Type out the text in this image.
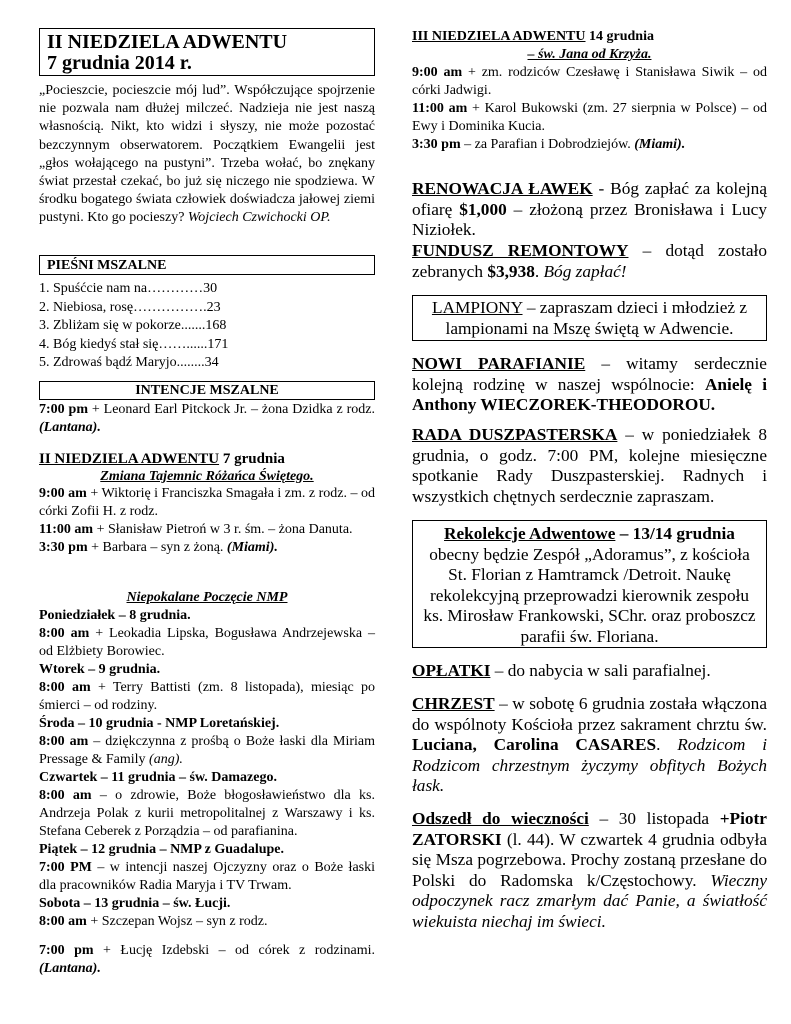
II NIEDZIELA ADWENTU
7 grudnia 2014 r.

„Pocieszcie, pocieszcie mój lud”. Współczujące spojrzenie nie pozwala nam dłużej milczeć. Nadzieja nie jest naszą własnością. Nikt, kto widzi i słyszy, nie może pozostać bezczynnym obserwatorem. Początkiem Ewangelii jest „głos wołającego na pustyni”. Trzeba wołać, bo znękany świat przestał czekać, bo już się niczego nie spodziewa. W środku bogatego świata człowiek doświadcza jałowej ziemi pustyni. Kto go pocieszy? Wojciech Czwichocki OP.

PIEŚNI MSZALNE
1. Spuśćcie nam na…………30
2. Niebiosa, rosę…………….23
3. Zbliżam się w pokorze.......168
4. Bóg kiedyś stał się……......171
5. Zdrowaś bądź Maryjo........34
INTENCJE MSZALNE

7:00 pm + Leonard Earl Pitckock Jr. – żona Dzidka z rodz. (Lantana).

II NIEDZIELA ADWENTU 7 grudnia
Zmiana Tajemnic Różańca Świętego.

9:00 am + Wiktorię i Franciszka Smagała i zm. z rodz. – od córki Zofii H. z rodz.

11:00 am + Słanisław Pietroń w 3 r. śm. – żona Danuta.

3:30 pm + Barbara – syn z żoną. (Miami).

Niepokalane Poczęcie NMP
Poniedziałek – 8 grudnia.

8:00 am + Leokadia Lipska, Bogusława Andrzejewska – od Elżbiety Borowiec.

Wtorek – 9 grudnia.

8:00 am + Terry Battisti (zm. 8 listopada), miesiąc po śmierci – od rodziny.

Środa – 10 grudnia - NMP Loretańskiej.

8:00 am – dziękczynna z prośbą o Boże łaski dla Miriam Pressage & Family (ang).

Czwartek – 11 grudnia – św. Damazego.

8:00 am – o zdrowie, Boże błogosławieństwo dla ks. Andrzeja Polak z kurii metropolitalnej z Warszawy i ks. Stefana Ceberek z Porządzia – od parafianina.

Piątek – 12 grudnia – NMP z Guadalupe.

7:00 PM – w intencji naszej Ojczyzny oraz o Boże łaski dla pracowników Radia Maryja i TV Trwam.

Sobota – 13 grudnia – św. Łucji.

8:00 am + Szczepan Wojsz – syn z rodz.

7:00 pm + Łucję Izdebski – od córek z rodzinami. (Lantana).

III NIEDZIELA ADWENTU 14 grudnia
– św. Jana od Krzyża.

9:00 am + zm. rodziców Czesławę i Stanisława Siwik – od córki Jadwigi.

11:00 am + Karol Bukowski (zm. 27 sierpnia w Polsce) – od Ewy i Dominika Kucia.

3:30 pm – za Parafian i Dobrodziejów. (Miami).

RENOWACJA ŁAWEK - Bóg zapłać za kolejną ofiarę $1,000 – złożoną przez Bronisława i Lucy Niziołek.

FUNDUSZ REMONTOWY – dotąd zostało zebranych $3,938. Bóg zapłać!

LAMPIONY – zapraszam dzieci i młodzież z lampionami na Mszę świętą w Adwencie.

NOWI PARAFIANIE – witamy serdecznie kolejną rodzinę w naszej wspólnocie: Anielę i Anthony WIECZOREK-THEODOROU.

RADA DUSZPASTERSKA – w poniedziałek 8 grudnia, o godz. 7:00 PM, kolejne miesięczne spotkanie Rady Duszpasterskiej. Radnych i wszystkich chętnych serdecznie zapraszam.

Rekolekcje Adwentowe – 13/14 grudnia
obecny będzie Zespół „Adoramus”, z kościoła St. Florian z Hamtramck /Detroit. Naukę rekolekcyjną przeprowadzi kierownik zespołu ks. Mirosław Frankowski, SChr. oraz proboszcz parafii św. Floriana.

OPŁATKI – do nabycia w sali parafialnej.

CHRZEST – w sobotę 6 grudnia została włączona do wspólnoty Kościoła przez sakrament chrztu św. Luciana, Carolina CASARES. Rodzicom i Rodzicom chrzestnym życzymy obfitych Bożych łask.

Odszedł do wieczności – 30 listopada +Piotr ZATORSKI (l. 44). W czwartek 4 grudnia odbyła się Msza pogrzebowa. Prochy zostaną przesłane do Polski do Radomska k/Częstochowy. Wieczny odpoczynek racz zmarłym dać Panie, a światłość wiekuista niechaj im świeci.
